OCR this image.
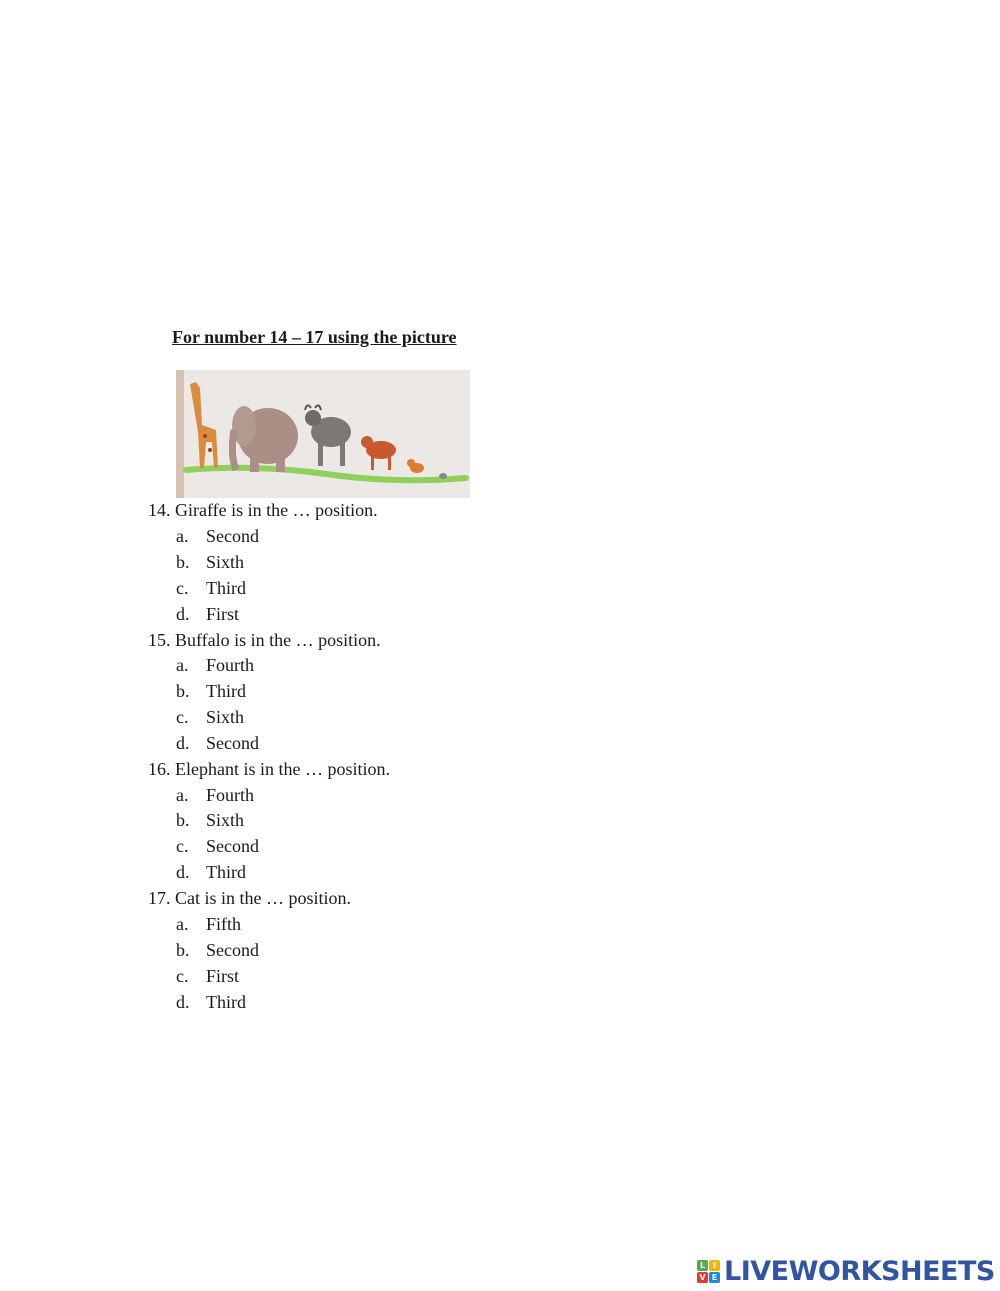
For number 14 – 17 using the picture
14. Giraffe is in the … position.
a. Second
b. Sixth
c. Third
d. First
15. Buffalo is in the … position.
a. Fourth
b. Third
c. Sixth
d. Second
16. Elephant is in the … position.
a. Fourth
b. Sixth
c. Second
d. Third
17. Cat is in the … position.
a. Fifth
b. Second
c. First
d. Third
L I
V E LIVEWORKSHEETS
